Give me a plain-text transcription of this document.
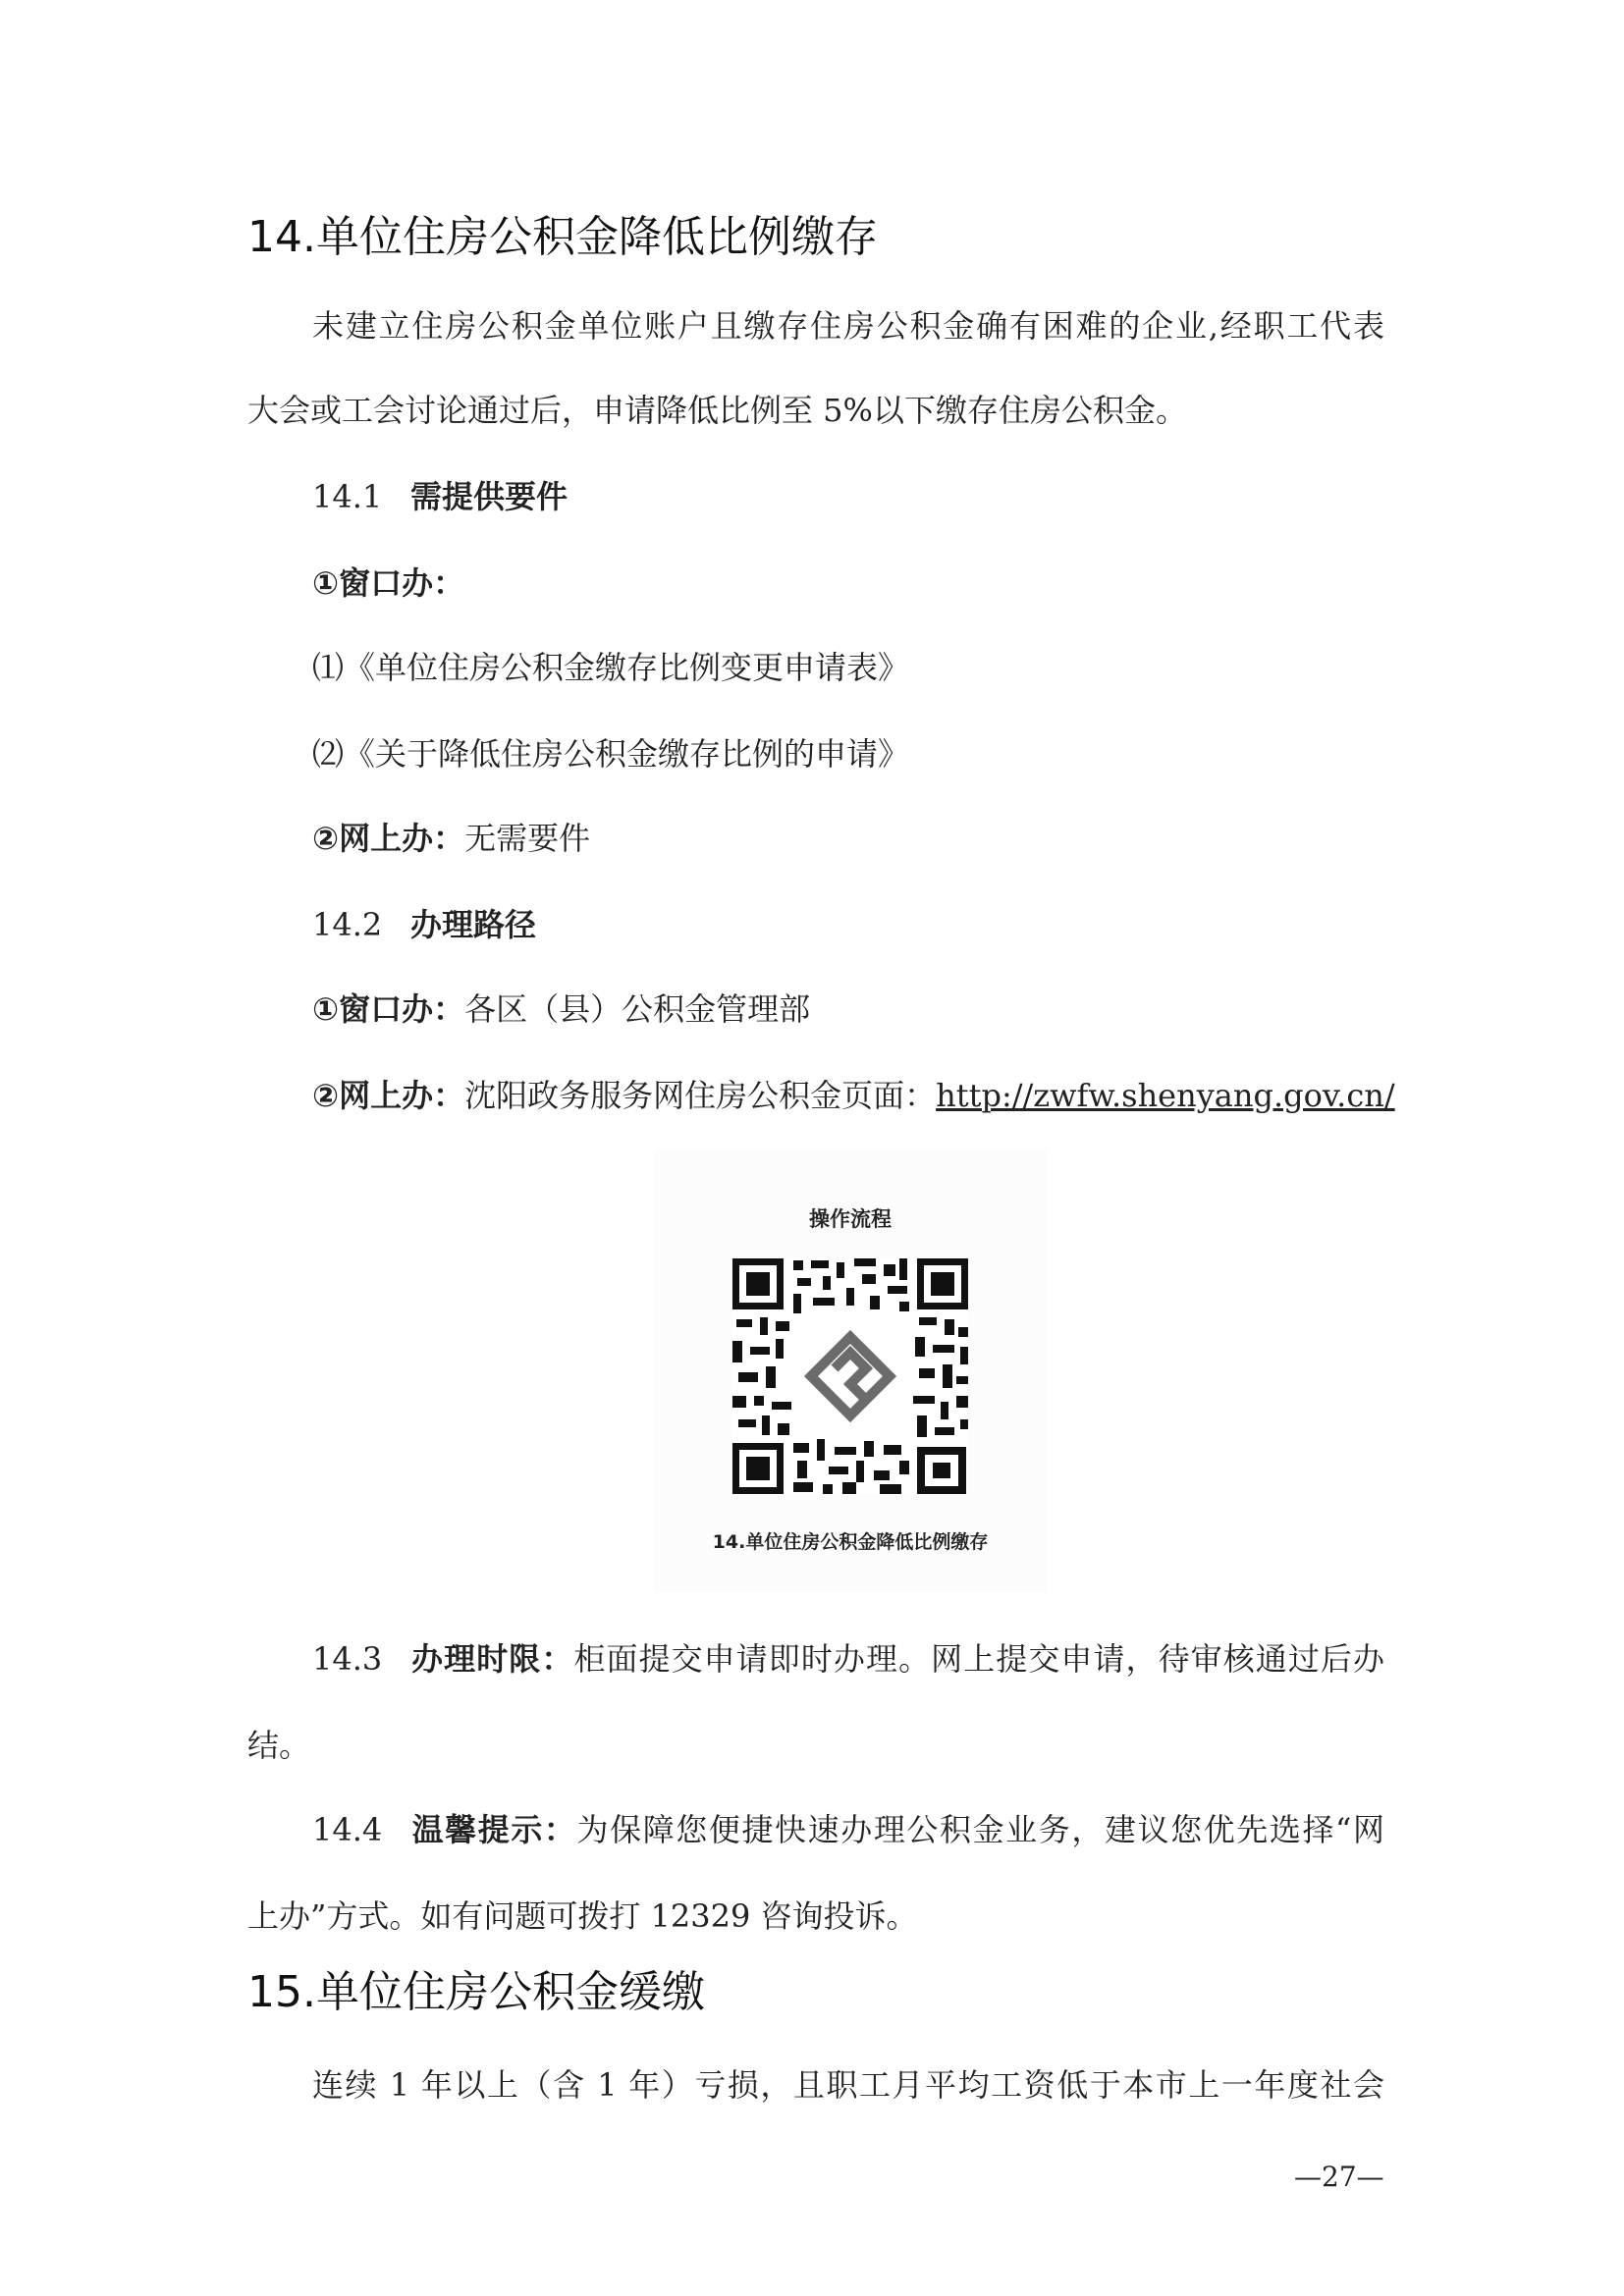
14.单位住房公积金降低比例缴存
未建立住房公积金单位账户且缴存住房公积金确有困难的企业,经职工代表
大会或工会讨论通过后，申请降低比例至 5%以下缴存住房公积金。
14.1 需提供要件
①窗口办：
⑴《单位住房公积金缴存比例变更申请表》
⑵《关于降低住房公积金缴存比例的申请》
②网上办：无需要件
14.2 办理路径
①窗口办：各区（县）公积金管理部
②网上办：沈阳政务服务网住房公积金页面：http://zwfw.shenyang.gov.cn/
操作流程
14.单位住房公积金降低比例缴存
14.3 办理时限：柜面提交申请即时办理。网上提交申请，待审核通过后办
结。
14.4 温馨提示：为保障您便捷快速办理公积金业务，建议您优先选择“网
上办”方式。如有问题可拨打 12329 咨询投诉。
15.单位住房公积金缓缴
连续 1 年以上（含 1 年）亏损，且职工月平均工资低于本市上一年度社会
—27—
